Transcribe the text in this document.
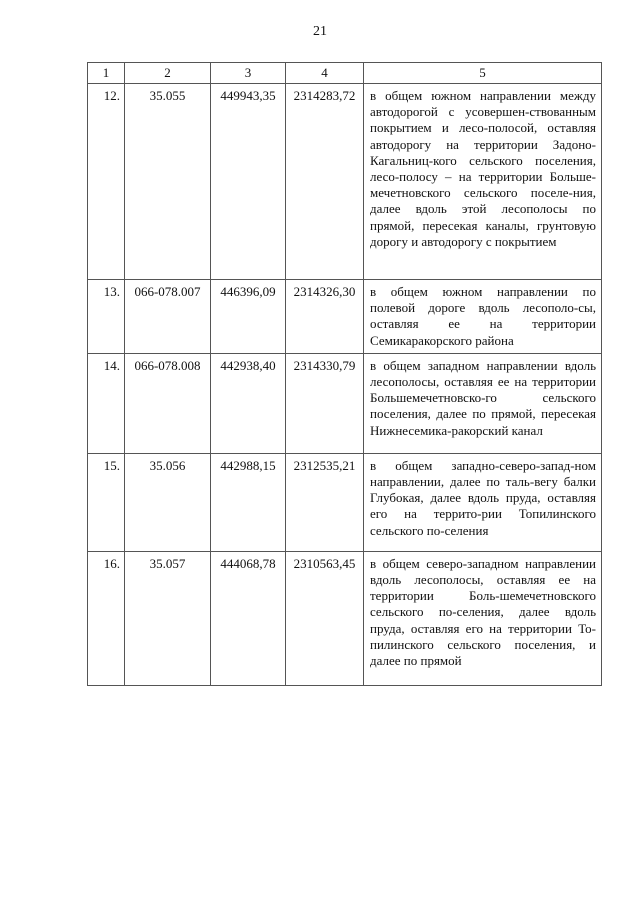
21
1	2	3	4	5
12.	35.055	449943,35	2314283,72	в общем южном направлении между автодорогой с усовершен-ствованным покрытием и лесо-полосой, оставляя автодорогу на территории Задоно-Кагальниц-кого сельского поселения, лесо-полосу – на территории Больше-мечетновского сельского поселе-ния, далее вдоль этой лесополосы по прямой, пересекая каналы, грунтовую дорогу и автодорогу с покрытием
13.	066-078.007	446396,09	2314326,30	в общем южном направлении по полевой дороге вдоль лесополо-сы, оставляя ее на территории Семикаракорского района
14.	066-078.008	442938,40	2314330,79	в общем западном направлении вдоль лесополосы, оставляя ее на территории Большемечетновско-го сельского поселения, далее по прямой, пересекая Нижнесемика-ракорский канал
15.	35.056	442988,15	2312535,21	в общем западно-северо-запад-ном направлении, далее по таль-вегу балки Глубокая, далее вдоль пруда, оставляя его на террито-рии Топилинского сельского по-селения
16.	35.057	444068,78	2310563,45	в общем северо-западном направлении вдоль лесополосы, оставляя ее на территории Боль-шемечетновского сельского по-селения, далее вдоль пруда, оставляя его на территории То-пилинского сельского поселения, и далее по прямой
